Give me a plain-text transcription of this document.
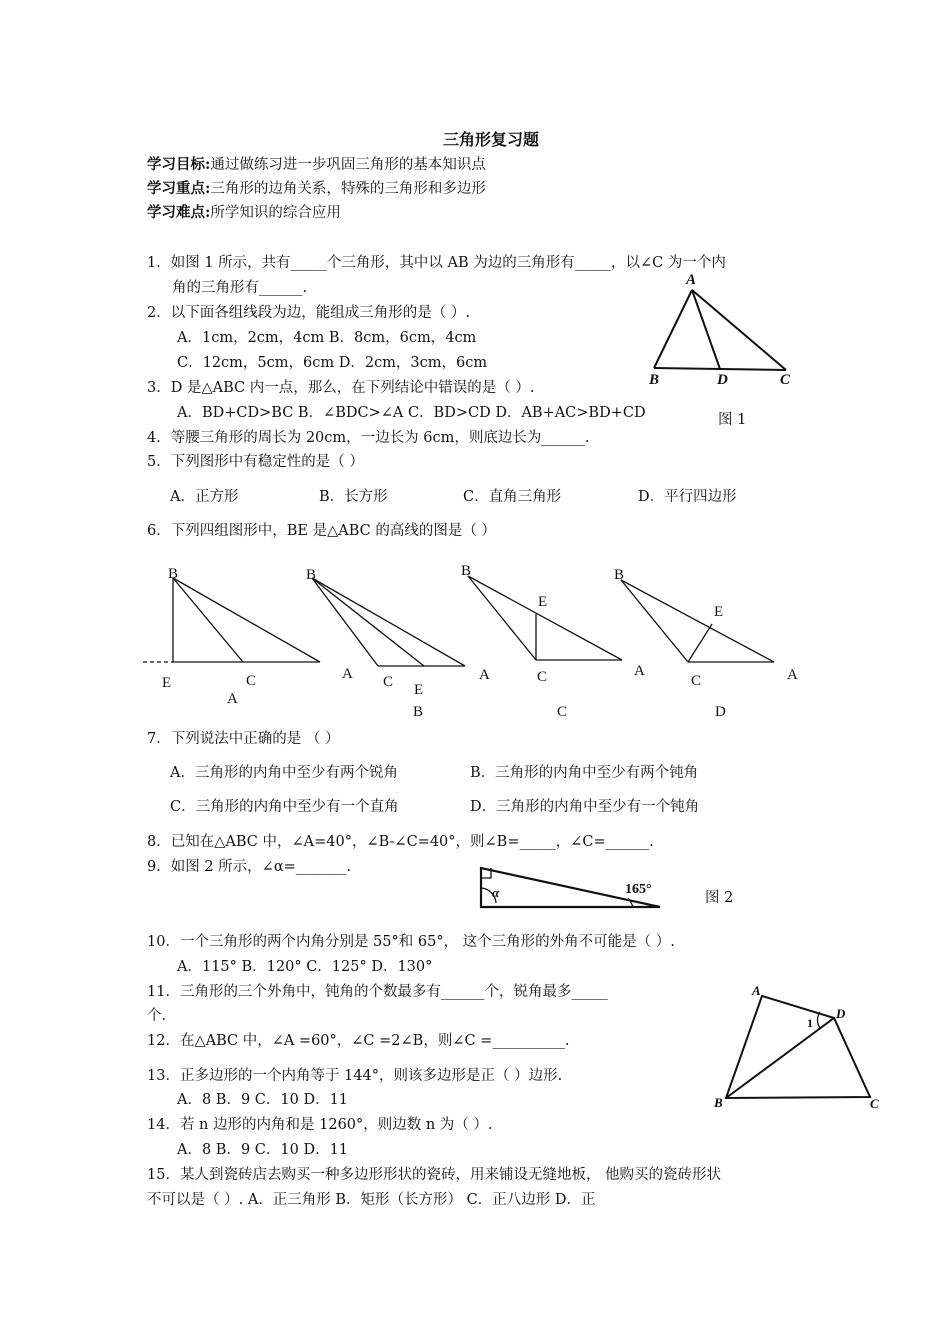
三角形复习题
学习目标:通过做练习进一步巩固三角形的基本知识点
学习重点:三角形的边角关系，特殊的三角形和多边形
学习难点:所学知识的综合应用
1．如图 1 所示，共有_____个三角形，其中以 AB 为边的三角形有_____，以∠C 为一个内
角的三角形有______.
2．以下面各组线段为边，能组成三角形的是（ ）.
A．1cm，2cm，4cm B．8cm，6cm，4cm
C．12cm，5cm，6cm D．2cm，3cm，6cm
3．D 是△ABC 内一点，那么，在下列结论中错误的是（ ）.
A．BD+CD>BC B．∠BDC>∠A C．BD>CD D．AB+AC>BD+CD
4．等腰三角形的周长为 20cm，一边长为 6cm，则底边长为______.
5．下列图形中有稳定性的是（ ）
A．正方形	B．长方形	C．直角三角形	D．平行四边形
6．下列四组图形中，BE 是△ABC 的高线的图是（ ）
7．下列说法中正确的是 （ ）
A．三角形的内角中至少有两个锐角	B．三角形的内角中至少有两个钝角
C．三角形的内角中至少有一个直角	D．三角形的内角中至少有一个钝角
8．已知在△ABC 中，∠A=40°，∠B-∠C=40°，则∠B=_____，∠C=______.
9．如图 2 所示，∠α=_______.
10．一个三角形的两个内角分别是 55°和 65°， 这个三角形的外角不可能是（ ）.
A．115° B．120° C．125° D．130°
11．三角形的三个外角中，钝角的个数最多有______个，锐角最多_____
个.
12．在△ABC 中，∠A =60°，∠C =2∠B，则∠C =__________.
13．正多边形的一个内角等于 144°，则该多边形是正（ ）边形.
A．8 B．9 C．10 D．11
14．若 n 边形的内角和是 1260°，则边数 n 为（ ）.
A．8 B．9 C．10 D．11
15．某人到瓷砖店去购买一种多边形形状的瓷砖，用来铺设无缝地板， 他购买的瓷砖形状
不可以是（ ）. A．正三角形 B．矩形（长方形） C．正八边形 D．正
A
B	D	C
图 1
B
E	C	A
A
B
C E
A
B
B
E
A
C
C
B
E
C	A
D
α	165°
图 2
A
D
1
B	C
